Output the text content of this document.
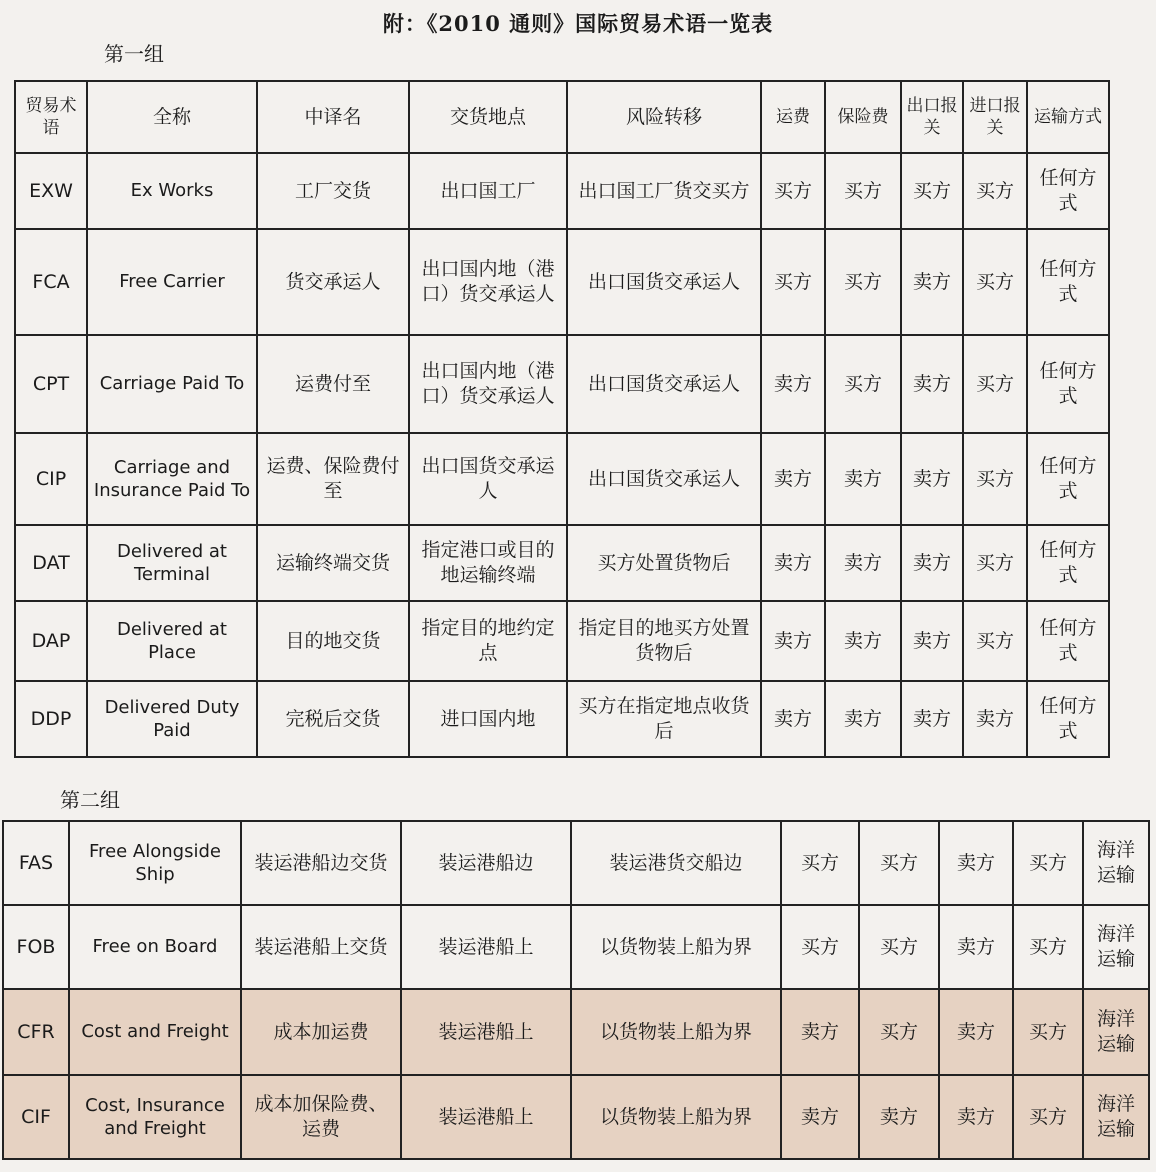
附：《2010 通则》国际贸易术语一览表
第一组
贸易术语	全称	中译名	交货地点	风险转移	运费	保险费	出口报关	进口报关	运输方式
EXW	Ex Works	工厂交货	出口国工厂	出口国工厂货交买方	买方	买方	买方	买方	任何方式
FCA	Free Carrier	货交承运人	出口国内地（港口）货交承运人	出口国货交承运人	买方	买方	卖方	买方	任何方式
CPT	Carriage Paid To	运费付至	出口国内地（港口）货交承运人	出口国货交承运人	卖方	买方	卖方	买方	任何方式
CIP	Carriage and Insurance Paid To	运费、保险费付至	出口国货交承运人	出口国货交承运人	卖方	卖方	卖方	买方	任何方式
DAT	Delivered at Terminal	运输终端交货	指定港口或目的地运输终端	买方处置货物后	卖方	卖方	卖方	买方	任何方式
DAP	Delivered at Place	目的地交货	指定目的地约定点	指定目的地买方处置货物后	卖方	卖方	卖方	买方	任何方式
DDP	Delivered Duty Paid	完税后交货	进口国内地	买方在指定地点收货后	卖方	卖方	卖方	卖方	任何方式
第二组
FAS	Free Alongside Ship	装运港船边交货	装运港船边	装运港货交船边	买方	买方	卖方	买方	海洋运输
FOB	Free on Board	装运港船上交货	装运港船上	以货物装上船为界	买方	买方	卖方	买方	海洋运输
CFR	Cost and Freight	成本加运费	装运港船上	以货物装上船为界	卖方	买方	卖方	买方	海洋运输
CIF	Cost, Insurance and Freight	成本加保险费、运费	装运港船上	以货物装上船为界	卖方	卖方	卖方	买方	海洋运输
